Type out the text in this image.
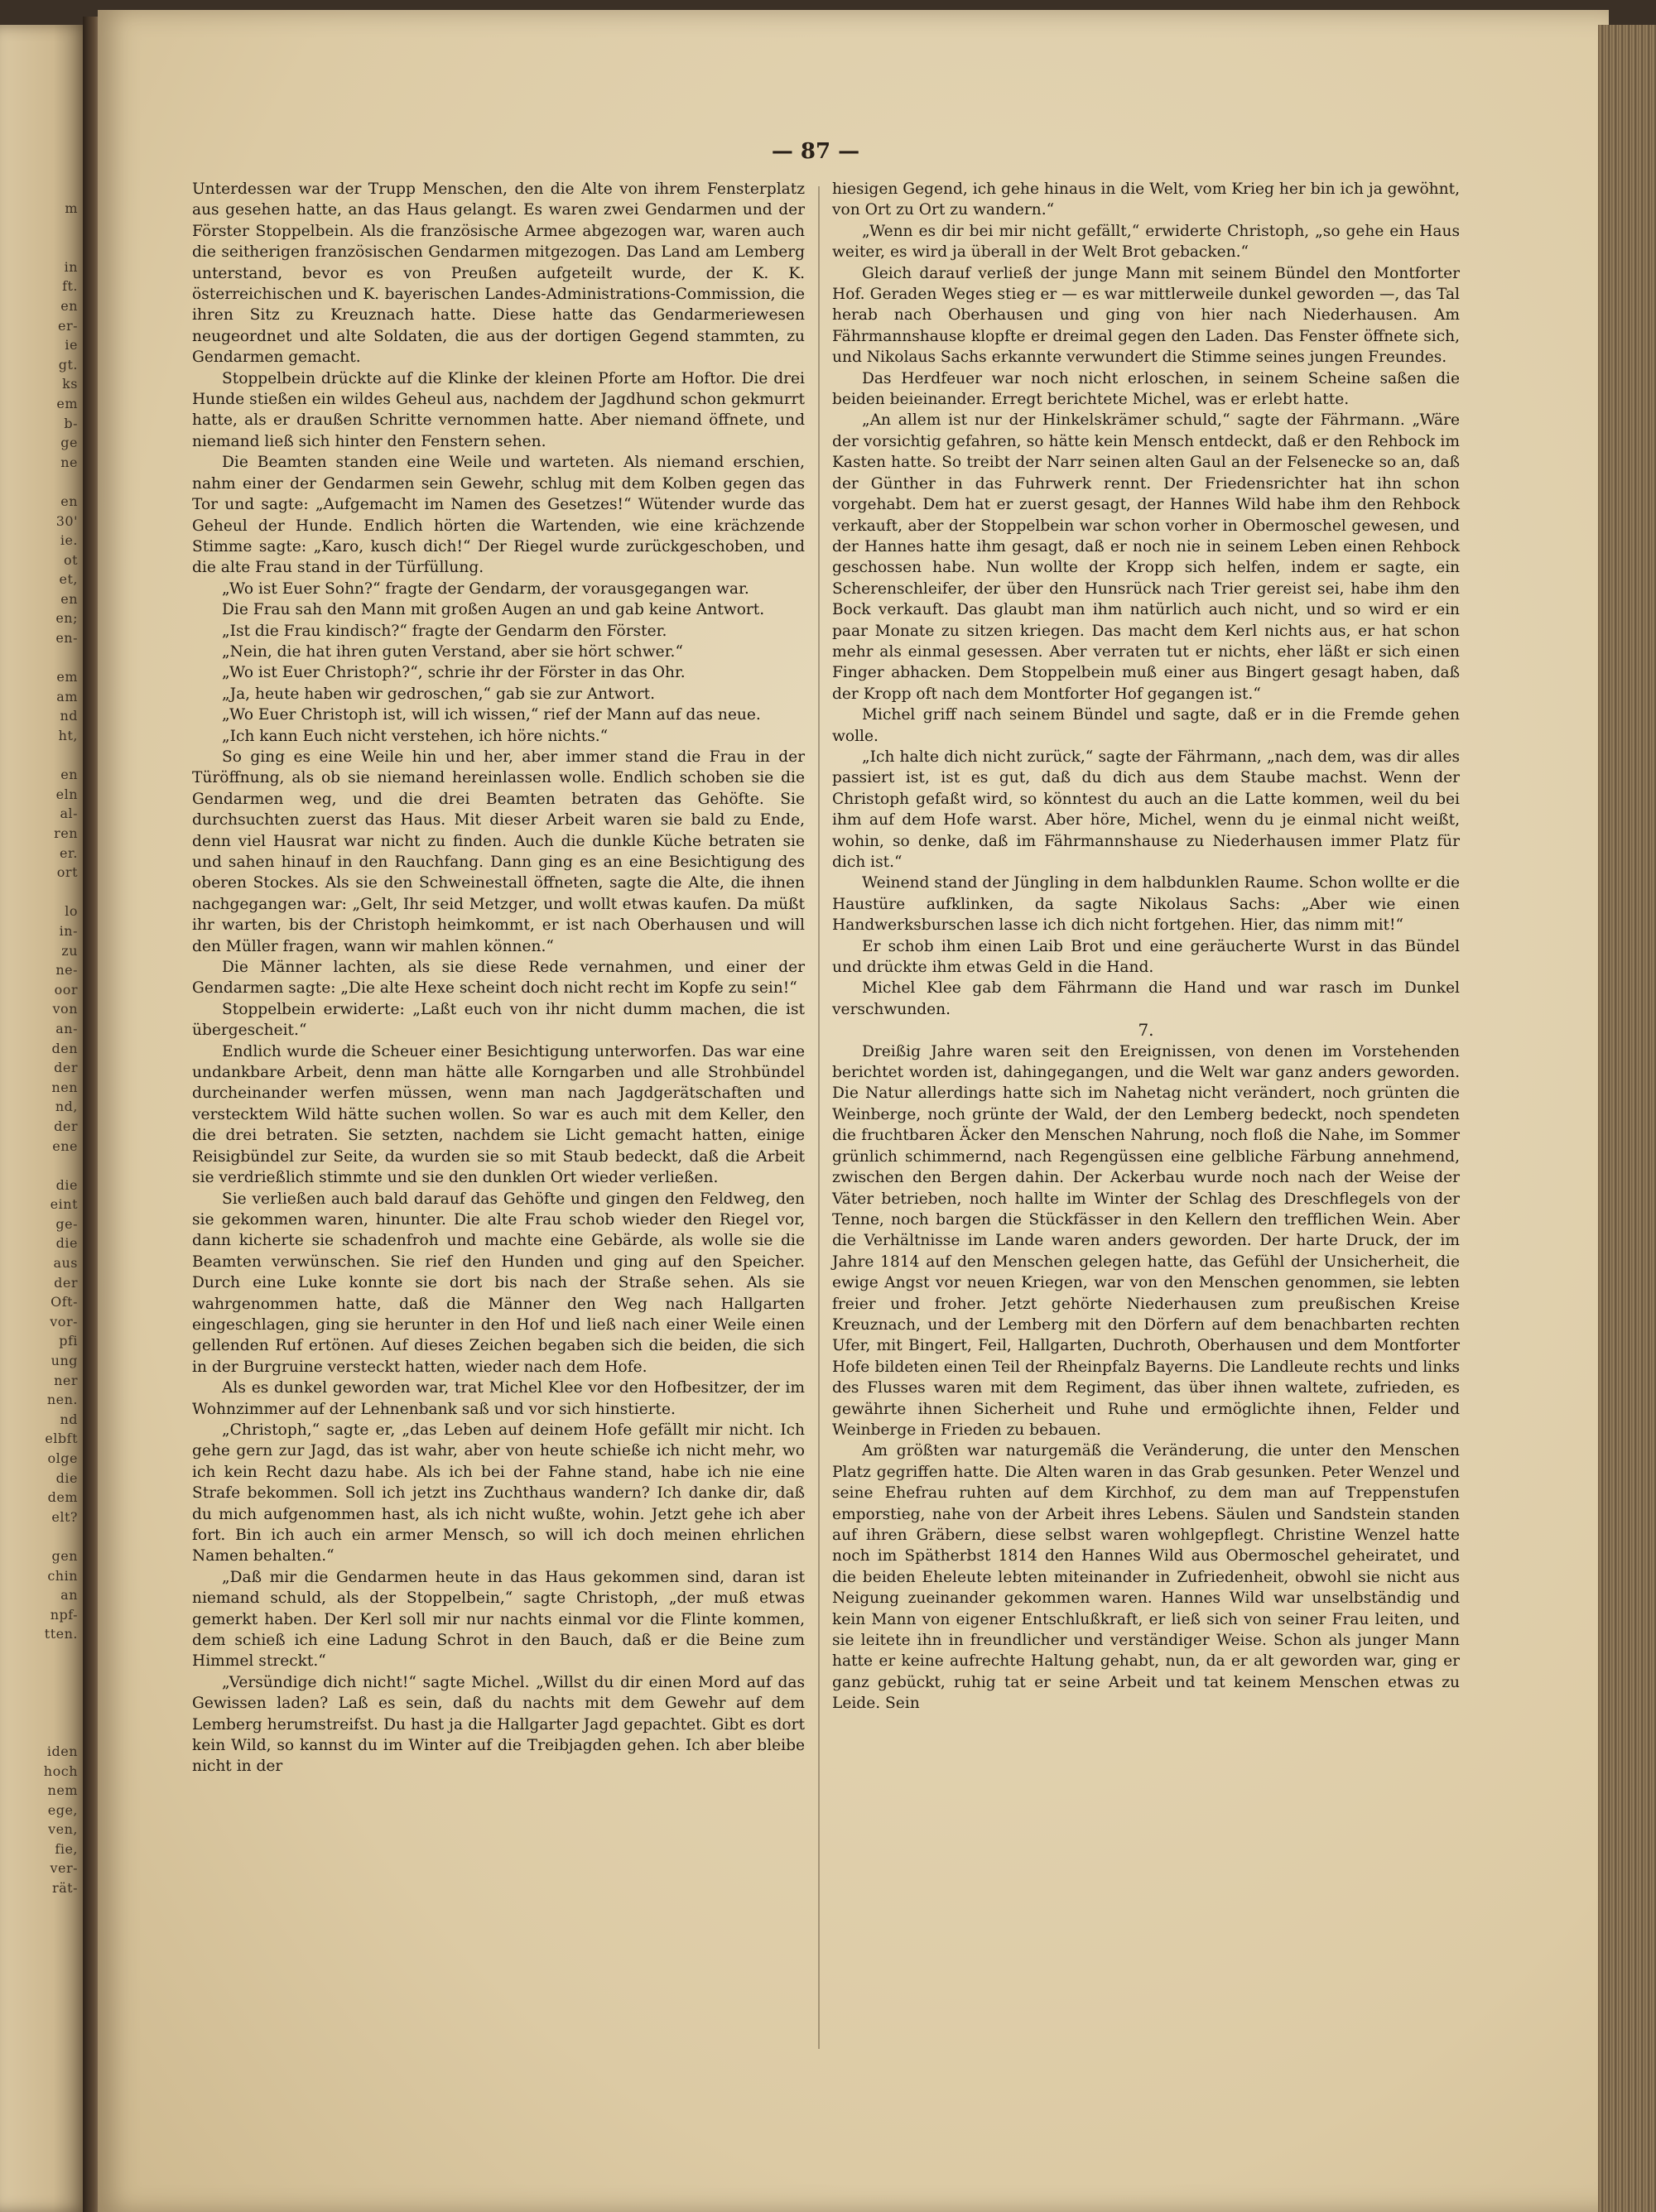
m
in
ft.
en
er-
ie
gt.
ks
em
b-
ge
ne
en
30'
ie.
ot
et,
en
en;
en-
em
am
nd
ht,
en
eln
al-
ren
er.
ort
lo
in-
zu
ne-
oor
von
an-
den
der
nen
nd,
der
ene
die
eint
ge-
die
aus
der
Oft-
vor-
pfi
ung
ner
nen.
nd
elbft
olge
die
dem
elt?
gen
chin
an
npf-
tten.
iden
hoch
nem
ege,
ven,
fie,
ver-
rät-
— 87 —

Unterdessen war der Trupp Menschen, den die Alte von ihrem Fensterplatz aus gesehen hatte, an das Haus gelangt. Es waren zwei Gendarmen und der Förster Stoppelbein. Als die französische Armee abgezogen war, waren auch die seitherigen französischen Gendarmen mitgezogen. Das Land am Lemberg unterstand, bevor es von Preußen aufgeteilt wurde, der K. K. österreichischen und K. bayerischen Landes-Administrations-Commission, die ihren Sitz zu Kreuznach hatte. Diese hatte das Gendarmeriewesen neugeordnet und alte Soldaten, die aus der dortigen Gegend stammten, zu Gendarmen gemacht.

Stoppelbein drückte auf die Klinke der kleinen Pforte am Hoftor. Die drei Hunde stießen ein wildes Geheul aus, nachdem der Jagdhund schon gekmurrt hatte, als er draußen Schritte vernommen hatte. Aber niemand öffnete, und niemand ließ sich hinter den Fenstern sehen.

Die Beamten standen eine Weile und warteten. Als niemand erschien, nahm einer der Gendarmen sein Gewehr, schlug mit dem Kolben gegen das Tor und sagte: „Aufgemacht im Namen des Gesetzes!“ Wütender wurde das Geheul der Hunde. Endlich hörten die Wartenden, wie eine krächzende Stimme sagte: „Karo, kusch dich!“ Der Riegel wurde zurückgeschoben, und die alte Frau stand in der Türfüllung.

„Wo ist Euer Sohn?“ fragte der Gendarm, der vorausgegangen war.

Die Frau sah den Mann mit großen Augen an und gab keine Antwort.

„Ist die Frau kindisch?“ fragte der Gendarm den Förster.

„Nein, die hat ihren guten Verstand, aber sie hört schwer.“

„Wo ist Euer Christoph?“, schrie ihr der Förster in das Ohr.

„Ja, heute haben wir gedroschen,“ gab sie zur Antwort.

„Wo Euer Christoph ist, will ich wissen,“ rief der Mann auf das neue.

„Ich kann Euch nicht verstehen, ich höre nichts.“

So ging es eine Weile hin und her, aber immer stand die Frau in der Türöffnung, als ob sie niemand hereinlassen wolle. Endlich schoben sie die Gendarmen weg, und die drei Beamten betraten das Gehöfte. Sie durchsuchten zuerst das Haus. Mit dieser Arbeit waren sie bald zu Ende, denn viel Hausrat war nicht zu finden. Auch die dunkle Küche betraten sie und sahen hinauf in den Rauchfang. Dann ging es an eine Besichtigung des oberen Stockes. Als sie den Schweinestall öffneten, sagte die Alte, die ihnen nachgegangen war: „Gelt, Ihr seid Metzger, und wollt etwas kaufen. Da müßt ihr warten, bis der Christoph heimkommt, er ist nach Oberhausen und will den Müller fragen, wann wir mahlen können.“

Die Männer lachten, als sie diese Rede vernahmen, und einer der Gendarmen sagte: „Die alte Hexe scheint doch nicht recht im Kopfe zu sein!“

Stoppelbein erwiderte: „Laßt euch von ihr nicht dumm machen, die ist übergescheit.“

Endlich wurde die Scheuer einer Besichtigung unterworfen. Das war eine undankbare Arbeit, denn man hätte alle Korngarben und alle Strohbündel durcheinander werfen müssen, wenn man nach Jagdgerätschaften und verstecktem Wild hätte suchen wollen. So war es auch mit dem Keller, den die drei betraten. Sie setzten, nachdem sie Licht gemacht hatten, einige Reisigbündel zur Seite, da wurden sie so mit Staub bedeckt, daß die Arbeit sie verdrießlich stimmte und sie den dunklen Ort wieder verließen.

Sie verließen auch bald darauf das Gehöfte und gingen den Feldweg, den sie gekommen waren, hinunter. Die alte Frau schob wieder den Riegel vor, dann kicherte sie schadenfroh und machte eine Gebärde, als wolle sie die Beamten verwünschen. Sie rief den Hunden und ging auf den Speicher. Durch eine Luke konnte sie dort bis nach der Straße sehen. Als sie wahrgenommen hatte, daß die Männer den Weg nach Hallgarten eingeschlagen, ging sie herunter in den Hof und ließ nach einer Weile einen gellenden Ruf ertönen. Auf dieses Zeichen begaben sich die beiden, die sich in der Burgruine versteckt hatten, wieder nach dem Hofe.

Als es dunkel geworden war, trat Michel Klee vor den Hofbesitzer, der im Wohnzimmer auf der Lehnenbank saß und vor sich hinstierte.

„Christoph,“ sagte er, „das Leben auf deinem Hofe gefällt mir nicht. Ich gehe gern zur Jagd, das ist wahr, aber von heute schieße ich nicht mehr, wo ich kein Recht dazu habe. Als ich bei der Fahne stand, habe ich nie eine Strafe bekommen. Soll ich jetzt ins Zuchthaus wandern? Ich danke dir, daß du mich aufgenommen hast, als ich nicht wußte, wohin. Jetzt gehe ich aber fort. Bin ich auch ein armer Mensch, so will ich doch meinen ehrlichen Namen behalten.“

„Daß mir die Gendarmen heute in das Haus gekommen sind, daran ist niemand schuld, als der Stoppelbein,“ sagte Christoph, „der muß etwas gemerkt haben. Der Kerl soll mir nur nachts einmal vor die Flinte kommen, dem schieß ich eine Ladung Schrot in den Bauch, daß er die Beine zum Himmel streckt.“

„Versündige dich nicht!“ sagte Michel. „Willst du dir einen Mord auf das Gewissen laden? Laß es sein, daß du nachts mit dem Gewehr auf dem Lemberg herumstreifst. Du hast ja die Hallgarter Jagd gepachtet. Gibt es dort kein Wild, so kannst du im Winter auf die Treibjagden gehen. Ich aber bleibe nicht in der

hiesigen Gegend, ich gehe hinaus in die Welt, vom Krieg her bin ich ja gewöhnt, von Ort zu Ort zu wandern.“

„Wenn es dir bei mir nicht gefällt,“ erwiderte Christoph, „so gehe ein Haus weiter, es wird ja überall in der Welt Brot gebacken.“

Gleich darauf verließ der junge Mann mit seinem Bündel den Montforter Hof. Geraden Weges stieg er — es war mittlerweile dunkel geworden —, das Tal herab nach Oberhausen und ging von hier nach Niederhausen. Am Fährmannshause klopfte er dreimal gegen den Laden. Das Fenster öffnete sich, und Nikolaus Sachs erkannte verwundert die Stimme seines jungen Freundes.

Das Herdfeuer war noch nicht erloschen, in seinem Scheine saßen die beiden beieinander. Erregt berichtete Michel, was er erlebt hatte.

„An allem ist nur der Hinkelskrämer schuld,“ sagte der Fährmann. „Wäre der vorsichtig gefahren, so hätte kein Mensch entdeckt, daß er den Rehbock im Kasten hatte. So treibt der Narr seinen alten Gaul an der Felsenecke so an, daß der Günther in das Fuhrwerk rennt. Der Friedensrichter hat ihn schon vorgehabt. Dem hat er zuerst gesagt, der Hannes Wild habe ihm den Rehbock verkauft, aber der Stoppelbein war schon vorher in Obermoschel gewesen, und der Hannes hatte ihm gesagt, daß er noch nie in seinem Leben einen Rehbock geschossen habe. Nun wollte der Kropp sich helfen, indem er sagte, ein Scherenschleifer, der über den Hunsrück nach Trier gereist sei, habe ihm den Bock verkauft. Das glaubt man ihm natürlich auch nicht, und so wird er ein paar Monate zu sitzen kriegen. Das macht dem Kerl nichts aus, er hat schon mehr als einmal gesessen. Aber verraten tut er nichts, eher läßt er sich einen Finger abhacken. Dem Stoppelbein muß einer aus Bingert gesagt haben, daß der Kropp oft nach dem Montforter Hof gegangen ist.“

Michel griff nach seinem Bündel und sagte, daß er in die Fremde gehen wolle.

„Ich halte dich nicht zurück,“ sagte der Fährmann, „nach dem, was dir alles passiert ist, ist es gut, daß du dich aus dem Staube machst. Wenn der Christoph gefaßt wird, so könntest du auch an die Latte kommen, weil du bei ihm auf dem Hofe warst. Aber höre, Michel, wenn du je einmal nicht weißt, wohin, so denke, daß im Fährmannshause zu Niederhausen immer Platz für dich ist.“

Weinend stand der Jüngling in dem halbdunklen Raume. Schon wollte er die Haustüre aufklinken, da sagte Nikolaus Sachs: „Aber wie einen Handwerksburschen lasse ich dich nicht fortgehen. Hier, das nimm mit!“

Er schob ihm einen Laib Brot und eine geräucherte Wurst in das Bündel und drückte ihm etwas Geld in die Hand.

Michel Klee gab dem Fährmann die Hand und war rasch im Dunkel verschwunden.

7.

Dreißig Jahre waren seit den Ereignissen, von denen im Vorstehenden berichtet worden ist, dahingegangen, und die Welt war ganz anders geworden. Die Natur allerdings hatte sich im Nahetag nicht verändert, noch grünten die Weinberge, noch grünte der Wald, der den Lemberg bedeckt, noch spendeten die fruchtbaren Äcker den Menschen Nahrung, noch floß die Nahe, im Sommer grünlich schimmernd, nach Regengüssen eine gelbliche Färbung annehmend, zwischen den Bergen dahin. Der Ackerbau wurde noch nach der Weise der Väter betrieben, noch hallte im Winter der Schlag des Dreschflegels von der Tenne, noch bargen die Stückfässer in den Kellern den trefflichen Wein. Aber die Verhältnisse im Lande waren anders geworden. Der harte Druck, der im Jahre 1814 auf den Menschen gelegen hatte, das Gefühl der Unsicherheit, die ewige Angst vor neuen Kriegen, war von den Menschen genommen, sie lebten freier und froher. Jetzt gehörte Niederhausen zum preußischen Kreise Kreuznach, und der Lemberg mit den Dörfern auf dem benachbarten rechten Ufer, mit Bingert, Feil, Hallgarten, Duchroth, Oberhausen und dem Montforter Hofe bildeten einen Teil der Rheinpfalz Bayerns. Die Landleute rechts und links des Flusses waren mit dem Regiment, das über ihnen waltete, zufrieden, es gewährte ihnen Sicherheit und Ruhe und ermöglichte ihnen, Felder und Weinberge in Frieden zu bebauen.

Am größten war naturgemäß die Veränderung, die unter den Menschen Platz gegriffen hatte. Die Alten waren in das Grab gesunken. Peter Wenzel und seine Ehefrau ruhten auf dem Kirchhof, zu dem man auf Treppenstufen emporstieg, nahe von der Arbeit ihres Lebens. Säulen und Sandstein standen auf ihren Gräbern, diese selbst waren wohlgepflegt. Christine Wenzel hatte noch im Spätherbst 1814 den Hannes Wild aus Obermoschel geheiratet, und die beiden Eheleute lebten miteinander in Zufriedenheit, obwohl sie nicht aus Neigung zueinander gekommen waren. Hannes Wild war unselbständig und kein Mann von eigener Entschlußkraft, er ließ sich von seiner Frau leiten, und sie leitete ihn in freundlicher und verständiger Weise. Schon als junger Mann hatte er keine aufrechte Haltung gehabt, nun, da er alt geworden war, ging er ganz gebückt, ruhig tat er seine Arbeit und tat keinem Menschen etwas zu Leide. Sein
